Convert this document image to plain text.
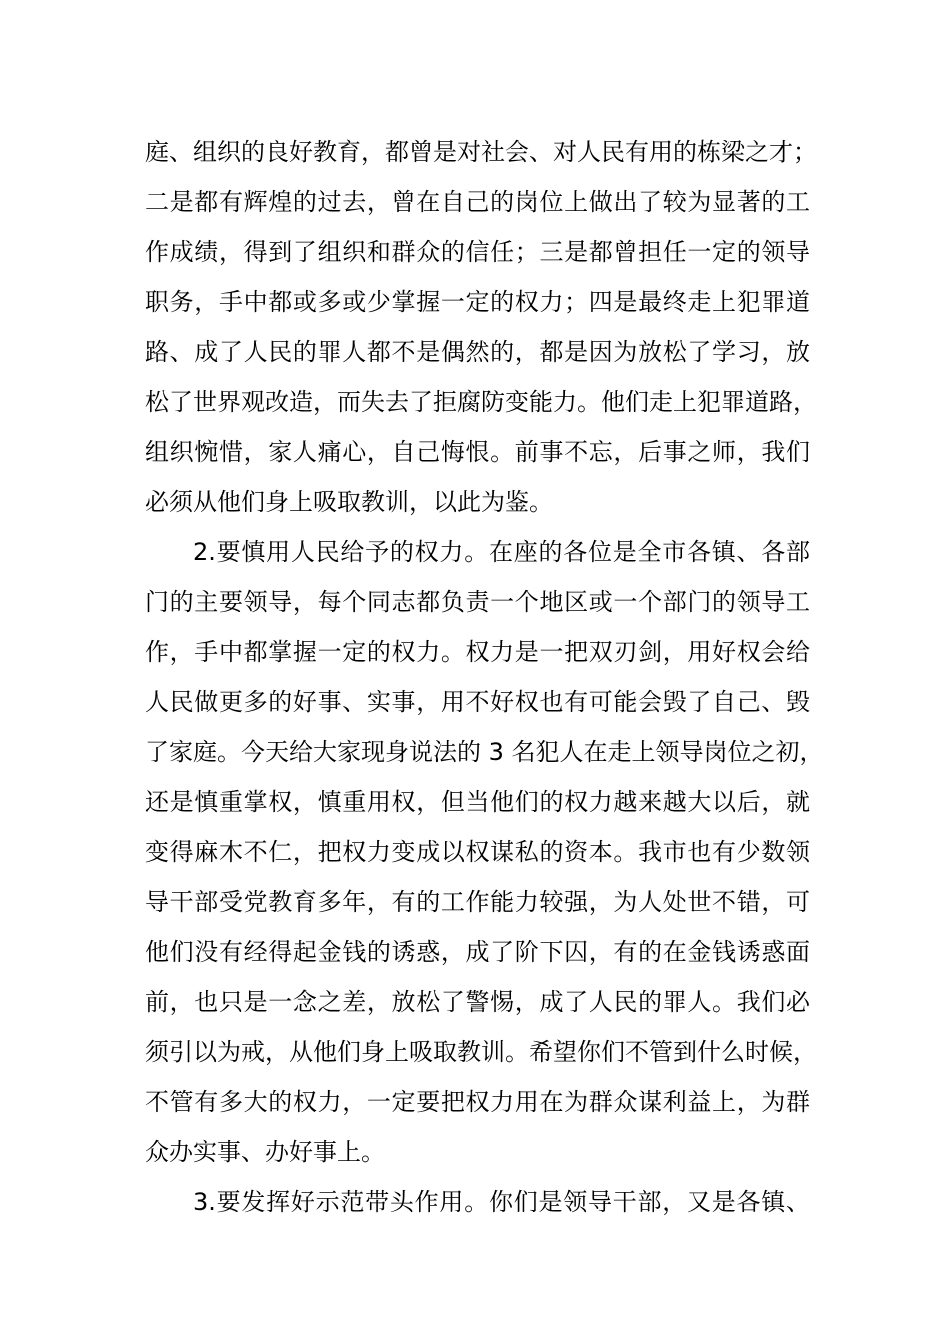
庭、组织的良好教育，都曾是对社会、对人民有用的栋梁之才；
二是都有辉煌的过去，曾在自己的岗位上做出了较为显著的工
作成绩，得到了组织和群众的信任；三是都曾担任一定的领导
职务，手中都或多或少掌握一定的权力；四是最终走上犯罪道
路、成了人民的罪人都不是偶然的，都是因为放松了学习，放
松了世界观改造，而失去了拒腐防变能力。他们走上犯罪道路，
组织惋惜，家人痛心，自己悔恨。前事不忘，后事之师，我们
必须从他们身上吸取教训，以此为鉴。
2.要慎用人民给予的权力。在座的各位是全市各镇、各部
门的主要领导，每个同志都负责一个地区或一个部门的领导工
作，手中都掌握一定的权力。权力是一把双刃剑，用好权会给
人民做更多的好事、实事，用不好权也有可能会毁了自己、毁
了家庭。今天给大家现身说法的 3 名犯人在走上领导岗位之初，
还是慎重掌权，慎重用权，但当他们的权力越来越大以后，就
变得麻木不仁，把权力变成以权谋私的资本。我市也有少数领
导干部受党教育多年，有的工作能力较强，为人处世不错，可
他们没有经得起金钱的诱惑，成了阶下囚，有的在金钱诱惑面
前，也只是一念之差，放松了警惕，成了人民的罪人。我们必
须引以为戒，从他们身上吸取教训。希望你们不管到什么时候，
不管有多大的权力，一定要把权力用在为群众谋利益上，为群
众办实事、办好事上。
3.要发挥好示范带头作用。你们是领导干部，又是各镇、
